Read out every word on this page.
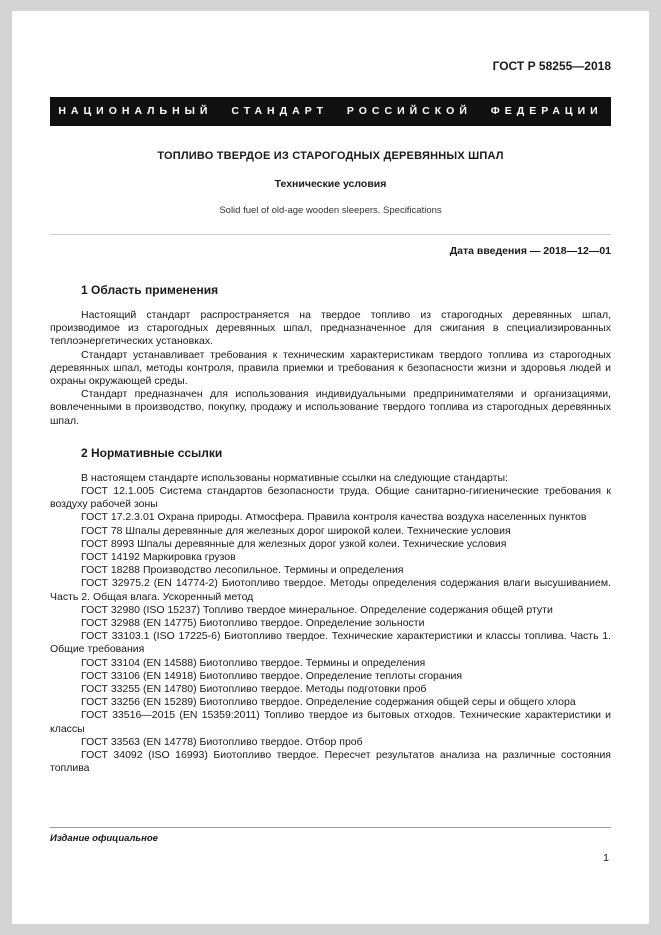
ГОСТ Р 58255—2018
НАЦИОНАЛЬНЫЙ СТАНДАРТ РОССИЙСКОЙ ФЕДЕРАЦИИ
ТОПЛИВО ТВЕРДОЕ ИЗ СТАРОГОДНЫХ ДЕРЕВЯННЫХ ШПАЛ
Технические условия
Solid fuel of old-age wooden sleepers. Specifications
Дата введения — 2018—12—01
1 Область применения

Настоящий стандарт распространяется на твердое топливо из старогодных деревянных шпал, производимое из старогодных деревянных шпал, предназначенное для сжигания в специализированных теплоэнергетических установках.

Стандарт устанавливает требования к техническим характеристикам твердого топлива из старогодных деревянных шпал, методы контроля, правила приемки и требования к безопасности жизни и здоровья людей и охраны окружающей среды.

Стандарт предназначен для использования индивидуальными предпринимателями и организациями, вовлеченными в производство, покупку, продажу и использование твердого топлива из старогодных деревянных шпал.

2 Нормативные ссылки

В настоящем стандарте использованы нормативные ссылки на следующие стандарты:

ГОСТ 12.1.005 Система стандартов безопасности труда. Общие санитарно-гигиенические требования к воздуху рабочей зоны

ГОСТ 17.2.3.01 Охрана природы. Атмосфера. Правила контроля качества воздуха населенных пунктов

ГОСТ 78 Шпалы деревянные для железных дорог широкой колеи. Технические условия

ГОСТ 8993 Шпалы деревянные для железных дорог узкой колеи. Технические условия

ГОСТ 14192 Маркировка грузов

ГОСТ 18288 Производство лесопильное. Термины и определения

ГОСТ 32975.2 (EN 14774-2) Биотопливо твердое. Методы определения содержания влаги высушиванием. Часть 2. Общая влага. Ускоренный метод

ГОСТ 32980 (ISO 15237) Топливо твердое минеральное. Определение содержания общей ртути

ГОСТ 32988 (EN 14775) Биотопливо твердое. Определение зольности

ГОСТ 33103.1 (ISO 17225-6) Биотопливо твердое. Технические характеристики и классы топлива. Часть 1. Общие требования

ГОСТ 33104 (EN 14588) Биотопливо твердое. Термины и определения

ГОСТ 33106 (EN 14918) Биотопливо твердое. Определение теплоты сгорания

ГОСТ 33255 (EN 14780) Биотопливо твердое. Методы подготовки проб

ГОСТ 33256 (EN 15289) Биотопливо твердое. Определение содержания общей серы и общего хлора

ГОСТ 33516—2015 (EN 15359:2011) Топливо твердое из бытовых отходов. Технические характеристики и классы

ГОСТ 33563 (EN 14778) Биотопливо твердое. Отбор проб

ГОСТ 34092 (ISO 16993) Биотопливо твердое. Пересчет результатов анализа на различные состояния топлива

Издание официальное
1
